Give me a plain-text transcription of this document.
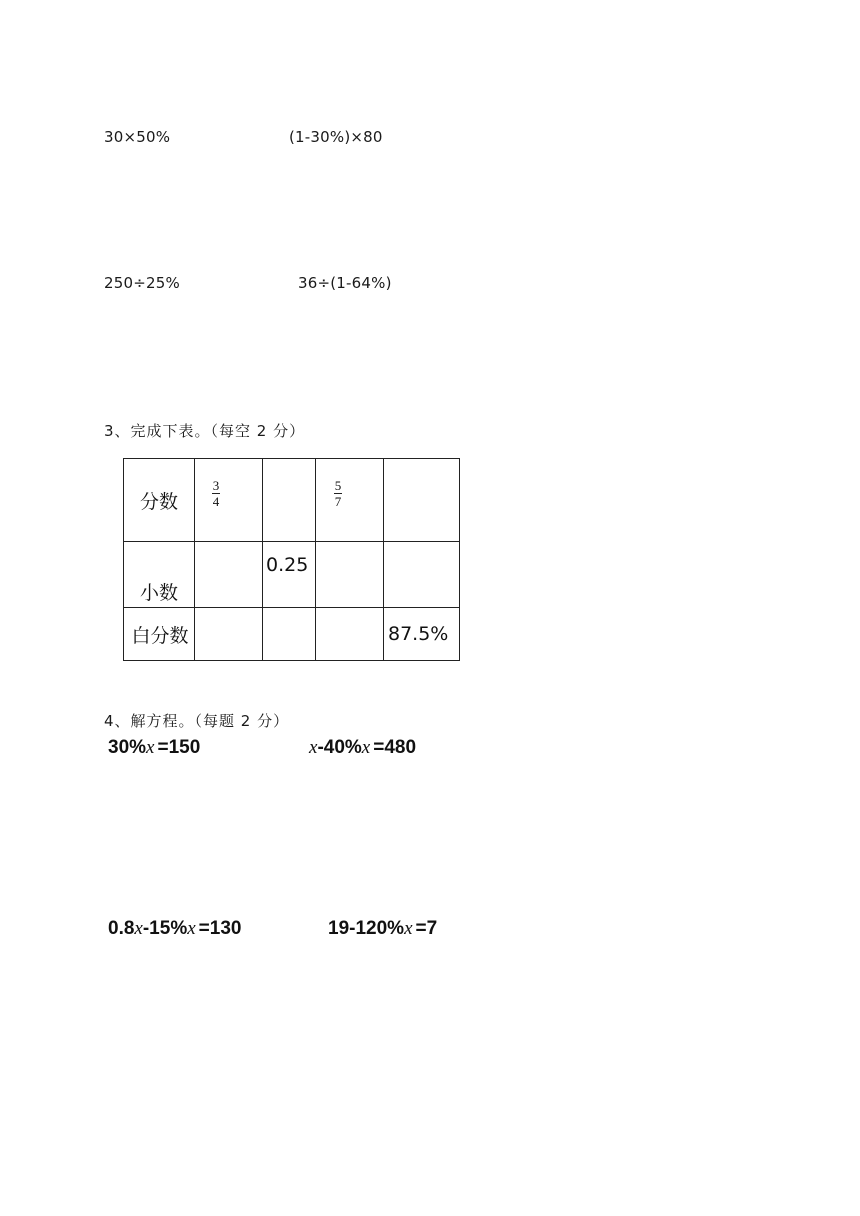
30×50%	(1-30%)×80
250÷25%	36÷(1-64%)
3、完成下表。（每空 2 分）
分数	$\frac{3}{4}$		$\frac{5}{7}$

小数		0.25		
白分数				87.5%
4、解方程。（每题 2 分）
30%x =150	x-40%x =480
0.8x-15%x =130	19-120%x =7
